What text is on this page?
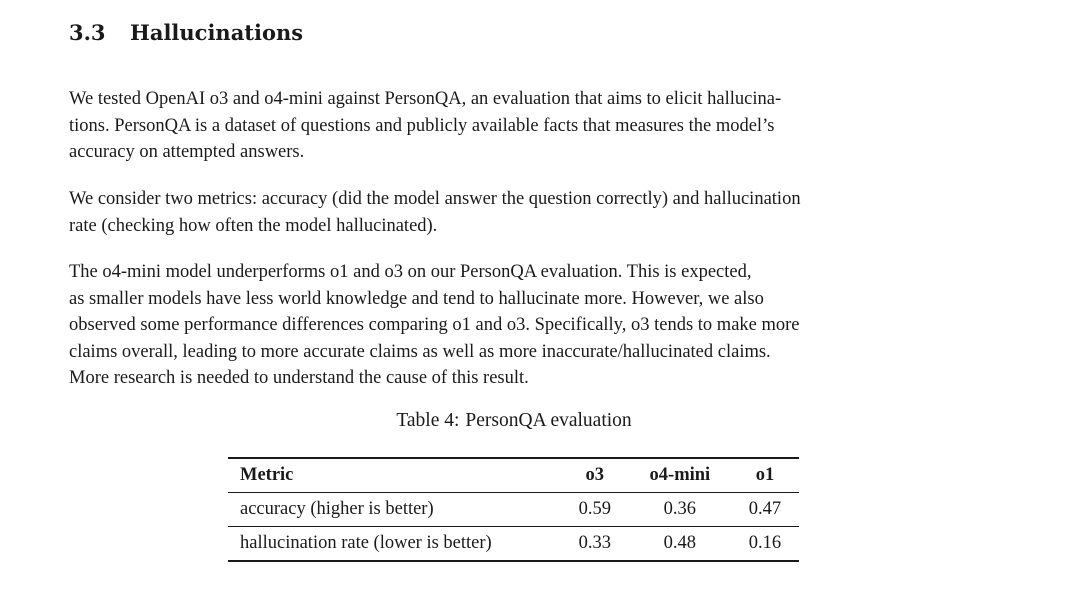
3.3	Hallucinations

We tested OpenAI o3 and o4-mini against PersonQA, an evaluation that aims to elicit hallucina-
tions. PersonQA is a dataset of questions and publicly available facts that measures the model’s
accuracy on attempted answers.

We consider two metrics: accuracy (did the model answer the question correctly) and hallucination
rate (checking how often the model hallucinated).

The o4-mini model underperforms o1 and o3 on our PersonQA evaluation. This is expected,
as smaller models have less world knowledge and tend to hallucinate more. However, we also
observed some performance differences comparing o1 and o3. Specifically, o3 tends to make more
claims overall, leading to more accurate claims as well as more inaccurate/hallucinated claims.
More research is needed to understand the cause of this result.

Table 4: PersonQA evaluation
Metric	o3	o4-mini	o1
accuracy (higher is better)	0.59	0.36	0.47
hallucination rate (lower is better)	0.33	0.48	0.16
